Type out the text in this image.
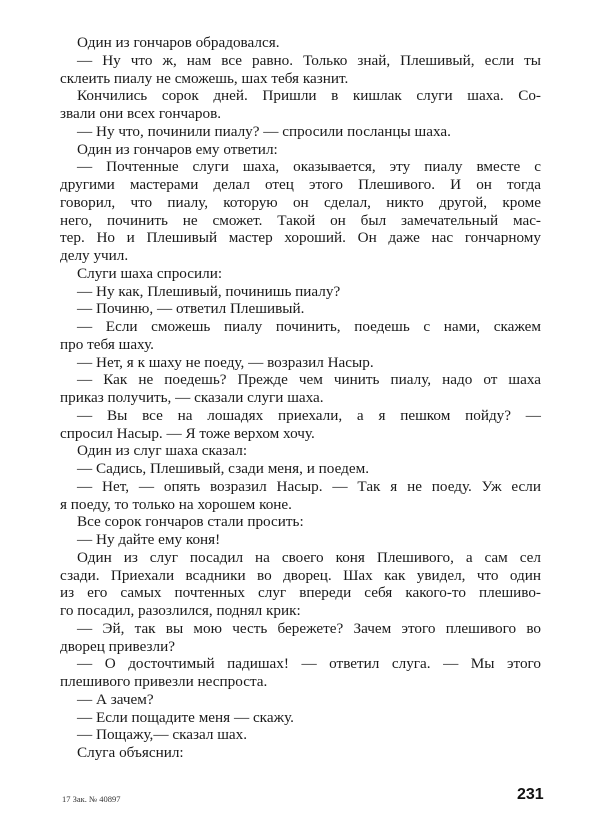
Один из гончаров обрадовался.
— Ну что ж, нам все равно. Только знай, Плешивый, если ты
склеить пиалу не сможешь, шах тебя казнит.
Кончились сорок дней. Пришли в кишлак слуги шаха. Со-
звали они всех гончаров.
— Ну что, починили пиалу? — спросили посланцы шаха.
Один из гончаров ему ответил:
— Почтенные слуги шаха, оказывается, эту пиалу вместе с
другими мастерами делал отец этого Плешивого. И он тогда
говорил, что пиалу, которую он сделал, никто другой, кроме
него, починить не сможет. Такой он был замечательный мас-
тер. Но и Плешивый мастер хороший. Он даже нас гончарному
делу учил.
Слуги шаха спросили:
— Ну как, Плешивый, починишь пиалу?
— Починю, — ответил Плешивый.
— Если сможешь пиалу починить, поедешь с нами, скажем
про тебя шаху.
— Нет, я к шаху не поеду, — возразил Насыр.
— Как не поедешь? Прежде чем чинить пиалу, надо от шаха
приказ получить, — сказали слуги шаха.
— Вы все на лошадях приехали, а я пешком пойду? —
спросил Насыр. — Я тоже верхом хочу.
Один из слуг шаха сказал:
— Садись, Плешивый, сзади меня, и поедем.
— Нет, — опять возразил Насыр. — Так я не поеду. Уж если
я поеду, то только на хорошем коне.
Все сорок гончаров стали просить:
— Ну дайте ему коня!
Один из слуг посадил на своего коня Плешивого, а сам сел
сзади. Приехали всадники во дворец. Шах как увидел, что один
из его самых почтенных слуг впереди себя какого-то плешиво-
го посадил, разозлился, поднял крик:
— Эй, так вы мою честь бережете? Зачем этого плешивого во
дворец привезли?
— О досточтимый падишах! — ответил слуга. — Мы этого
плешивого привезли неспроста.
— А зачем?
— Если пощадите меня — скажу.
— Пощажу,— сказал шах.
Слуга объяснил:
17 Зак. № 40897	231
